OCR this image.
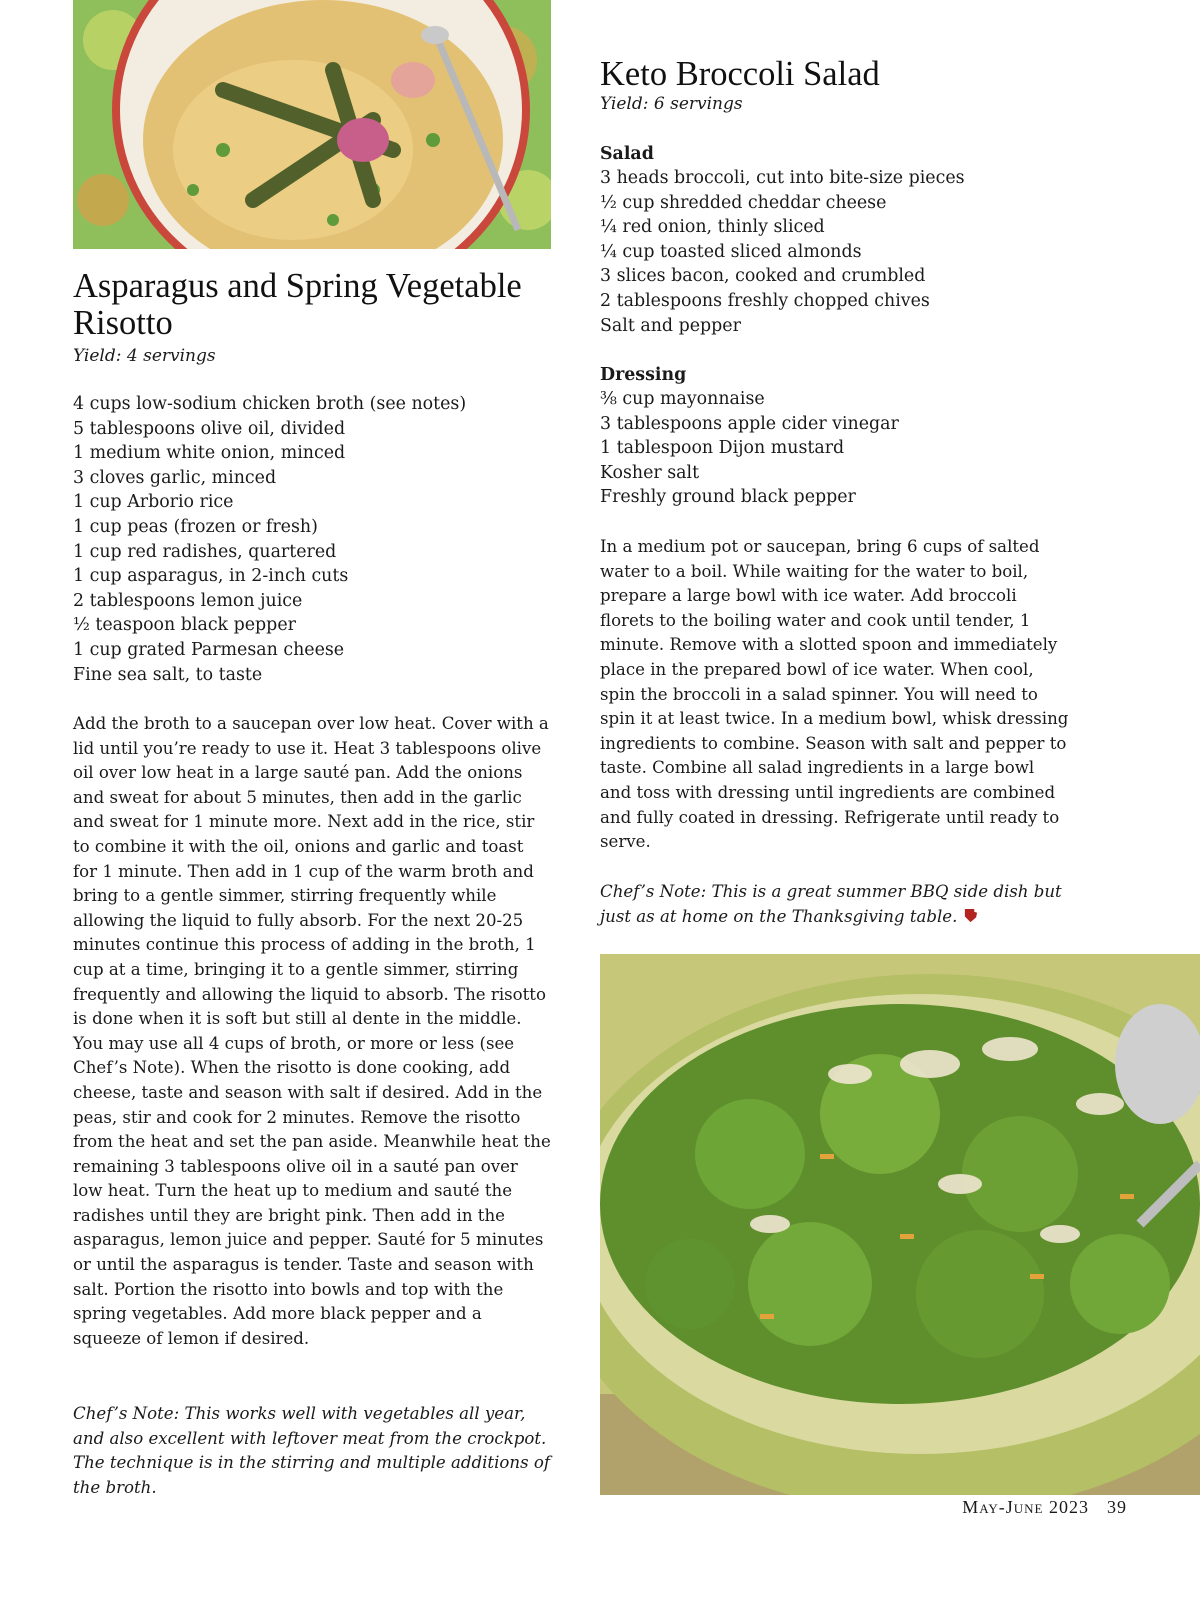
Asparagus and Spring Vegetable Risotto

Yield: 4 servings

4 cups low-sodium chicken broth (see notes)
5 tablespoons olive oil, divided
1 medium white onion, minced
3 cloves garlic, minced
1 cup Arborio rice
1 cup peas (frozen or fresh)
1 cup red radishes, quartered
1 cup asparagus, in 2-inch cuts
2 tablespoons lemon juice
½ teaspoon black pepper
1 cup grated Parmesan cheese
Fine sea salt, to taste

Add the broth to a saucepan over low heat. Cover with a lid until you’re ready to use it. Heat 3 tablespoons olive oil over low heat in a large sauté pan. Add the onions and sweat for about 5 minutes, then add in the garlic and sweat for 1 minute more. Next add in the rice, stir to combine it with the oil, onions and garlic and toast for 1 minute. Then add in 1 cup of the warm broth and bring to a gentle simmer, stirring frequently while allowing the liquid to fully absorb. For the next 20-25 minutes continue this process of adding in the broth, 1 cup at a time, bringing it to a gentle simmer, stirring frequently and allowing the liquid to absorb. The risotto is done when it is soft but still al dente in the middle. You may use all 4 cups of broth, or more or less (see Chef’s Note). When the risotto is done cooking, add cheese, taste and season with salt if desired. Add in the peas, stir and cook for 2 minutes. Remove the risotto from the heat and set the pan aside. Meanwhile heat the remaining 3 tablespoons olive oil in a sauté pan over low heat. Turn the heat up to medium and sauté the radishes until they are bright pink. Then add in the asparagus, lemon juice and pepper. Sauté for 5 minutes or until the asparagus is tender. Taste and season with salt. Portion the risotto into bowls and top with the spring vegetables. Add more black pepper and a squeeze of lemon if desired.

Chef’s Note: This works well with vegetables all year, and also excellent with leftover meat from the crockpot. The technique is in the stirring and multiple additions of the broth.

Keto Broccoli Salad

Yield: 6 servings

Salad

3 heads broccoli, cut into bite-size pieces
½ cup shredded cheddar cheese
¼ red onion, thinly sliced
¼ cup toasted sliced almonds
3 slices bacon, cooked and crumbled
2 tablespoons freshly chopped chives
Salt and pepper

Dressing

⅜ cup mayonnaise
3 tablespoons apple cider vinegar
1 tablespoon Dijon mustard
Kosher salt
Freshly ground black pepper

In a medium pot or saucepan, bring 6 cups of salted water to a boil. While waiting for the water to boil, prepare a large bowl with ice water. Add broccoli florets to the boiling water and cook until tender, 1 minute. Remove with a slotted spoon and immediately place in the prepared bowl of ice water. When cool, spin the broccoli in a salad spinner. You will need to spin it at least twice. In a medium bowl, whisk dressing ingredients to combine. Season with salt and pepper to taste. Combine all salad ingredients in a large bowl and toss with dressing until ingredients are combined and fully coated in dressing. Refrigerate until ready to serve.

Chef’s Note: This is a great summer BBQ side dish but just as at home on the Thanksgiving table.

May-June 2023 39
